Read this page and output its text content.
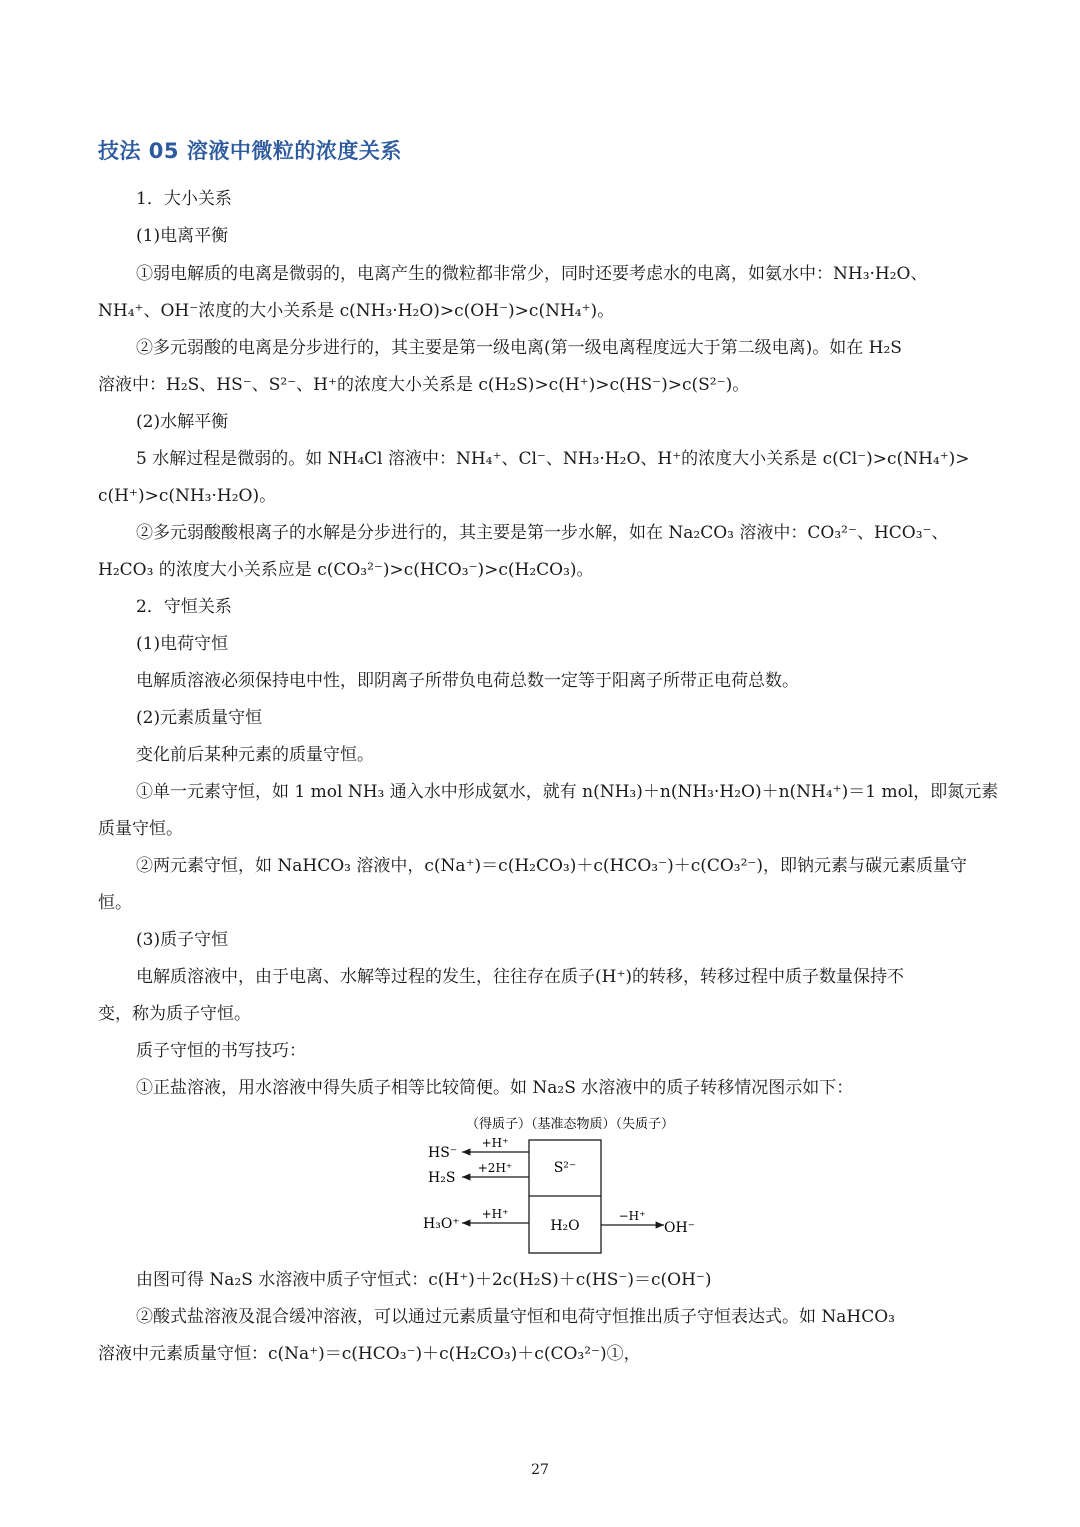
技法 05 溶液中微粒的浓度关系
1．大小关系
(1)电离平衡
①弱电解质的电离是微弱的，电离产生的微粒都非常少，同时还要考虑水的电离，如氨水中：NH₃·H₂O、
NH₄⁺、OH⁻浓度的大小关系是 c(NH₃·H₂O)>c(OH⁻)>c(NH₄⁺)。
②多元弱酸的电离是分步进行的，其主要是第一级电离(第一级电离程度远大于第二级电离)。如在 H₂S
溶液中：H₂S、HS⁻、S²⁻、H⁺的浓度大小关系是 c(H₂S)>c(H⁺)>c(HS⁻)>c(S²⁻)。
(2)水解平衡
5 水解过程是微弱的。如 NH₄Cl 溶液中：NH₄⁺、Cl⁻、NH₃·H₂O、H⁺的浓度大小关系是 c(Cl⁻)>c(NH₄⁺)>
c(H⁺)>c(NH₃·H₂O)。
②多元弱酸酸根离子的水解是分步进行的，其主要是第一步水解，如在 Na₂CO₃ 溶液中：CO₃²⁻、HCO₃⁻、
H₂CO₃ 的浓度大小关系应是 c(CO₃²⁻)>c(HCO₃⁻)>c(H₂CO₃)。
2．守恒关系
(1)电荷守恒
电解质溶液必须保持电中性，即阴离子所带负电荷总数一定等于阳离子所带正电荷总数。
(2)元素质量守恒
变化前后某种元素的质量守恒。
①单一元素守恒，如 1 mol NH₃ 通入水中形成氨水，就有 n(NH₃)＋n(NH₃·H₂O)＋n(NH₄⁺)＝1 mol，即氮元素
质量守恒。
②两元素守恒，如 NaHCO₃ 溶液中，c(Na⁺)＝c(H₂CO₃)＋c(HCO₃⁻)＋c(CO₃²⁻)，即钠元素与碳元素质量守
恒。
(3)质子守恒
电解质溶液中，由于电离、水解等过程的发生，往往存在质子(H⁺)的转移，转移过程中质子数量保持不
变，称为质子守恒。
质子守恒的书写技巧：
①正盐溶液，用水溶液中得失质子相等比较简便。如 Na₂S 水溶液中的质子转移情况图示如下：
（得质子）（基准态物质）（失质子）
S²⁻
H₂O
HS⁻
H₂S
H₃O⁺	OH⁻
+H⁺
+2H⁺
+H⁺	−H⁺
由图可得 Na₂S 水溶液中质子守恒式：c(H⁺)＋2c(H₂S)＋c(HS⁻)＝c(OH⁻)
②酸式盐溶液及混合缓冲溶液，可以通过元素质量守恒和电荷守恒推出质子守恒表达式。如 NaHCO₃
溶液中元素质量守恒：c(Na⁺)＝c(HCO₃⁻)＋c(H₂CO₃)＋c(CO₃²⁻)①，
27
